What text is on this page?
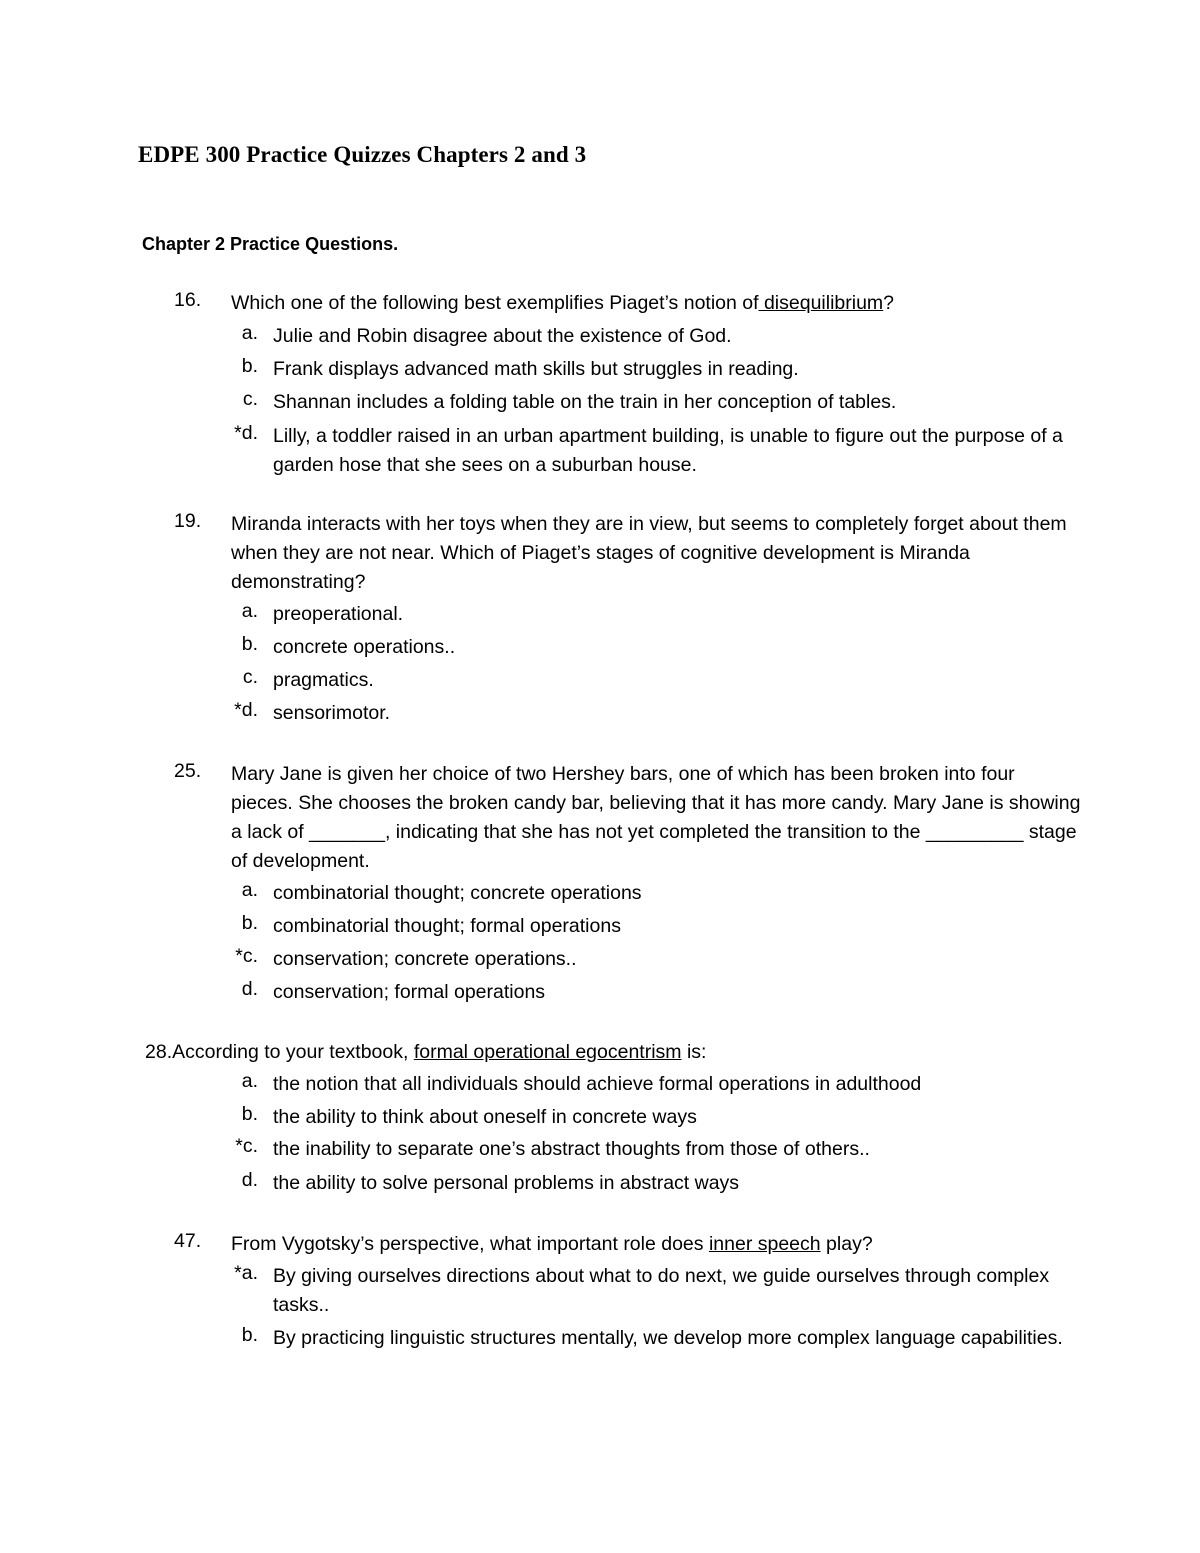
EDPE 300 Practice Quizzes Chapters 2 and 3
Chapter 2 Practice Questions.
16. Which one of the following best exemplifies Piaget’s notion of disequilibrium?
a. Julie and Robin disagree about the existence of God.
b. Frank displays advanced math skills but struggles in reading.
c. Shannan includes a folding table on the train in her conception of tables.
*d. Lilly, a toddler raised in an urban apartment building, is unable to figure out the purpose of a garden hose that she sees on a suburban house.
19. Miranda interacts with her toys when they are in view, but seems to completely forget about them when they are not near. Which of Piaget’s stages of cognitive development is Miranda demonstrating?
a. preoperational.
b. concrete operations..
c. pragmatics.
*d. sensorimotor.
25. Mary Jane is given her choice of two Hershey bars, one of which has been broken into four pieces. She chooses the broken candy bar, believing that it has more candy. Mary Jane is showing a lack of _______, indicating that she has not yet completed the transition to the _________ stage of development.
a. combinatorial thought; concrete operations
b. combinatorial thought; formal operations
*c. conservation; concrete operations..
d. conservation; formal operations
28.According to your textbook, formal operational egocentrism is:
a. the notion that all individuals should achieve formal operations in adulthood
b. the ability to think about oneself in concrete ways
*c. the inability to separate one’s abstract thoughts from those of others..
d. the ability to solve personal problems in abstract ways
47. From Vygotsky’s perspective, what important role does inner speech play?
*a. By giving ourselves directions about what to do next, we guide ourselves through complex tasks..
b. By practicing linguistic structures mentally, we develop more complex language capabilities.
